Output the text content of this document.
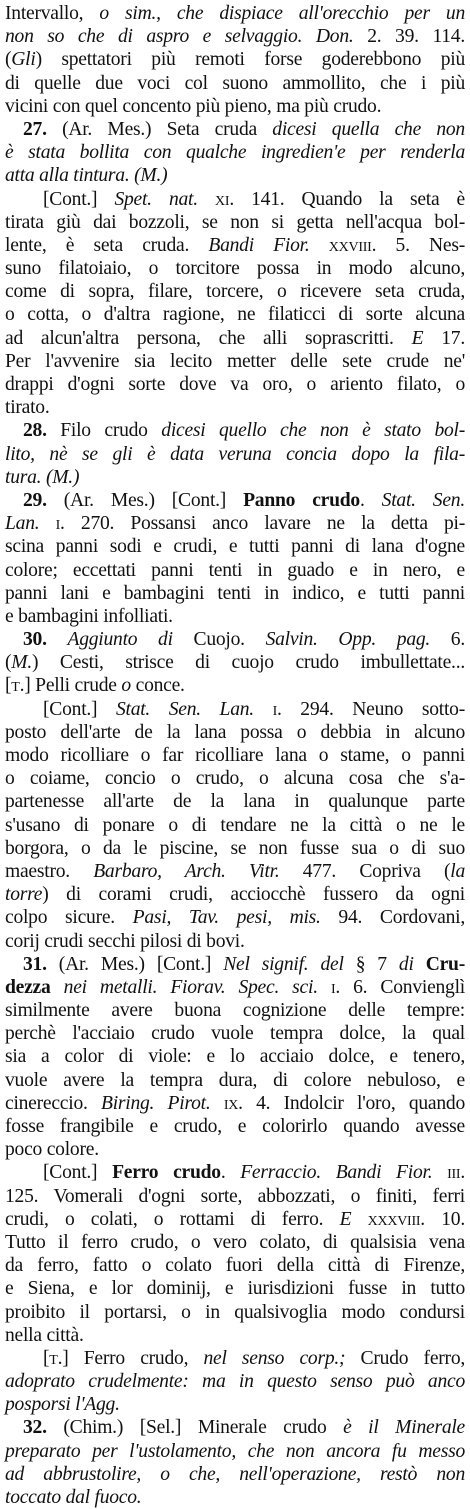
Intervallo, o sim., che dispiace all'orecchio per un
non so che di aspro e selvaggio. Don. 2. 39. 114.
(Gli) spettatori più remoti forse goderebbono più
di quelle due voci col suono ammollito, che i più
vicini con quel concento più pieno, ma più crudo.
27. (Ar. Mes.) Seta cruda dicesi quella che non
è stata bollita con qualche ingredien'e per renderla
atta alla tintura. (M.)
[Cont.] Spet. nat. xi. 141. Quando la seta è
tirata giù dai bozzoli, se non si getta nell'acqua bol-
lente, è seta cruda. Bandi Fior. xxviii. 5. Nes-
suno filatoiaio, o torcitore possa in modo alcuno,
come di sopra, filare, torcere, o ricevere seta cruda,
o cotta, o d'altra ragione, ne filaticci di sorte alcuna
ad alcun'altra persona, che alli soprascritti. E 17.
Per l'avvenire sia lecito metter delle sete crude ne'
drappi d'ogni sorte dove va oro, o ariento filato, o
tirato.
28. Filo crudo dicesi quello che non è stato bol-
lito, nè se gli è data veruna concia dopo la fila-
tura. (M.)
29. (Ar. Mes.) [Cont.] Panno crudo. Stat. Sen.
Lan. i. 270. Possansi anco lavare ne la detta pi-
scina panni sodi e crudi, e tutti panni di lana d'ogne
colore; eccettati panni tenti in guado e in nero, e
panni lani e bambagini tenti in indico, e tutti panni
e bambagini infolliati.
30. Aggiunto di Cuojo. Salvin. Opp. pag. 6.
(M.) Cesti, strisce di cuojo crudo imbullettate...
[t.] Pelli crude o conce.
[Cont.] Stat. Sen. Lan. i. 294. Neuno sotto-
posto dell'arte de la lana possa o debbia in alcuno
modo ricolliare o far ricolliare lana o stame, o panni
o coiame, concio o crudo, o alcuna cosa che s'a-
partenesse all'arte de la lana in qualunque parte
s'usano di ponare o di tendare ne la città o ne le
borgora, o da le piscine, se non fusse sua o di suo
maestro. Barbaro, Arch. Vitr. 477. Copriva (la
torre) di corami crudi, acciocchè fussero da ogni
colpo sicure. Pasi, Tav. pesi, mis. 94. Cordovani,
corij crudi secchi pilosi di bovi.
31. (Ar. Mes.) [Cont.] Nel signif. del § 7 di Cru-
dezza nei metalli. Fiorav. Spec. sci. i. 6. Convienglì
similmente avere buona cognizione delle tempre:
perchè l'acciaio crudo vuole tempra dolce, la qual
sia a color di viole: e lo acciaio dolce, e tenero,
vuole avere la tempra dura, di colore nebuloso, e
cinereccio. Biring. Pirot. ix. 4. Indolcir l'oro, quando
fosse frangibile e crudo, e colorirlo quando avesse
poco colore.
[Cont.] Ferro crudo. Ferraccio. Bandi Fior. iii.
125. Vomerali d'ogni sorte, abbozzati, o finiti, ferri
crudi, o colati, o rottami di ferro. E xxxviii. 10.
Tutto il ferro crudo, o vero colato, di qualsisia vena
da ferro, fatto o colato fuori della città di Firenze,
e Siena, e lor dominij, e iurisdizioni fusse in tutto
proibito il portarsi, o in qualsivoglia modo condursi
nella città.
[t.] Ferro crudo, nel senso corp.; Crudo ferro,
adoprato crudelmente: ma in questo senso può anco
posporsi l'Agg.
32. (Chim.) [Sel.] Minerale crudo è il Minerale
preparato per l'ustolamento, che non ancora fu messo
ad abbrustolire, o che, nell'operazione, restò non
toccato dal fuoco.
